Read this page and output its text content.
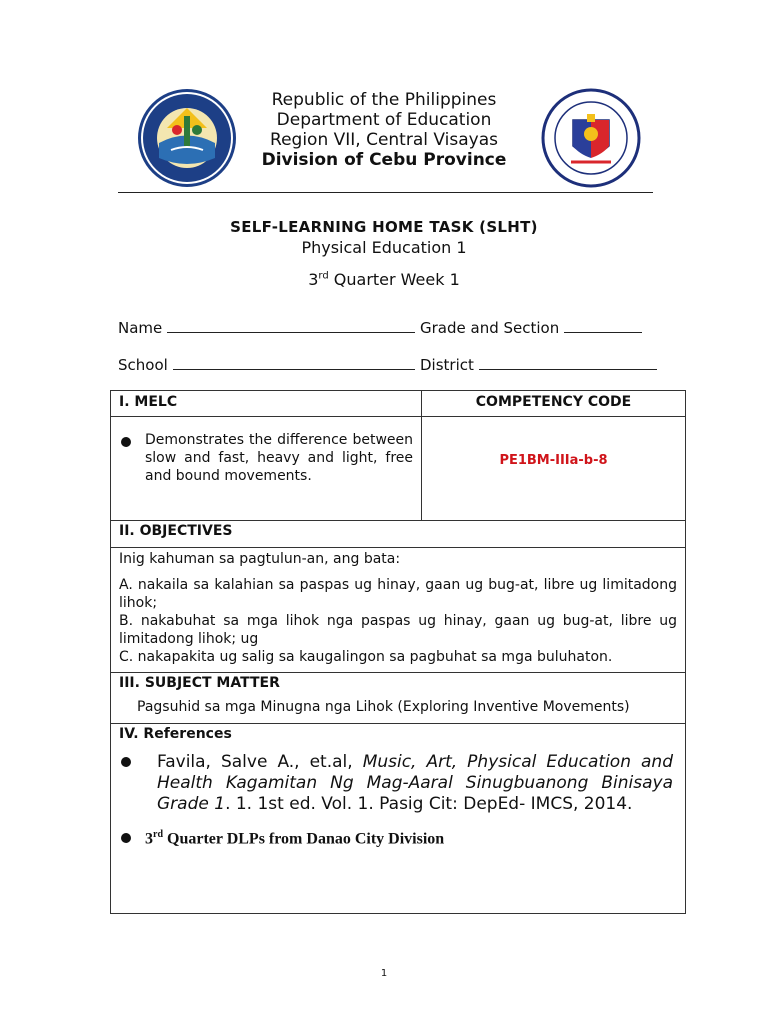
Republic of the Philippines
Department of Education
Region VII, Central Visayas
Division of Cebu Province
SELF-LEARNING HOME TASK (SLHT)
Physical Education 1
3rd Quarter Week 1
Name	Grade and Section
School	District
I. MELC	COMPETENCY CODE

Demonstrates the difference between slow and fast, heavy and light, free and bound movements.	PE1BM-IIIa-b-8

II. OBJECTIVES	

Inig kahuman sa pagtulun-an, ang bata:
A. nakaila sa kalahian sa paspas ug hinay, gaan ug bug-at, libre ug limitadong lihok;
B. nakabuhat sa mga lihok nga paspas ug hinay, gaan ug bug-at, libre ug limitadong lihok; ug
C. nakapakita ug salig sa kaugalingon sa pagbuhat sa mga buluhaton.	

III. SUBJECT MATTER
Pagsuhid sa mga Minugna nga Lihok (Exploring Inventive Movements)	

IV. References
Favila, Salve A., et.al, Music, Art, Physical Education and Health Kagamitan Ng Mag-Aaral Sinugbuanong Binisaya Grade 1. 1. 1st ed. Vol. 1. Pasig Cit: DepEd- IMCS, 2014.
3rd Quarter DLPs from Danao City Division	
1
